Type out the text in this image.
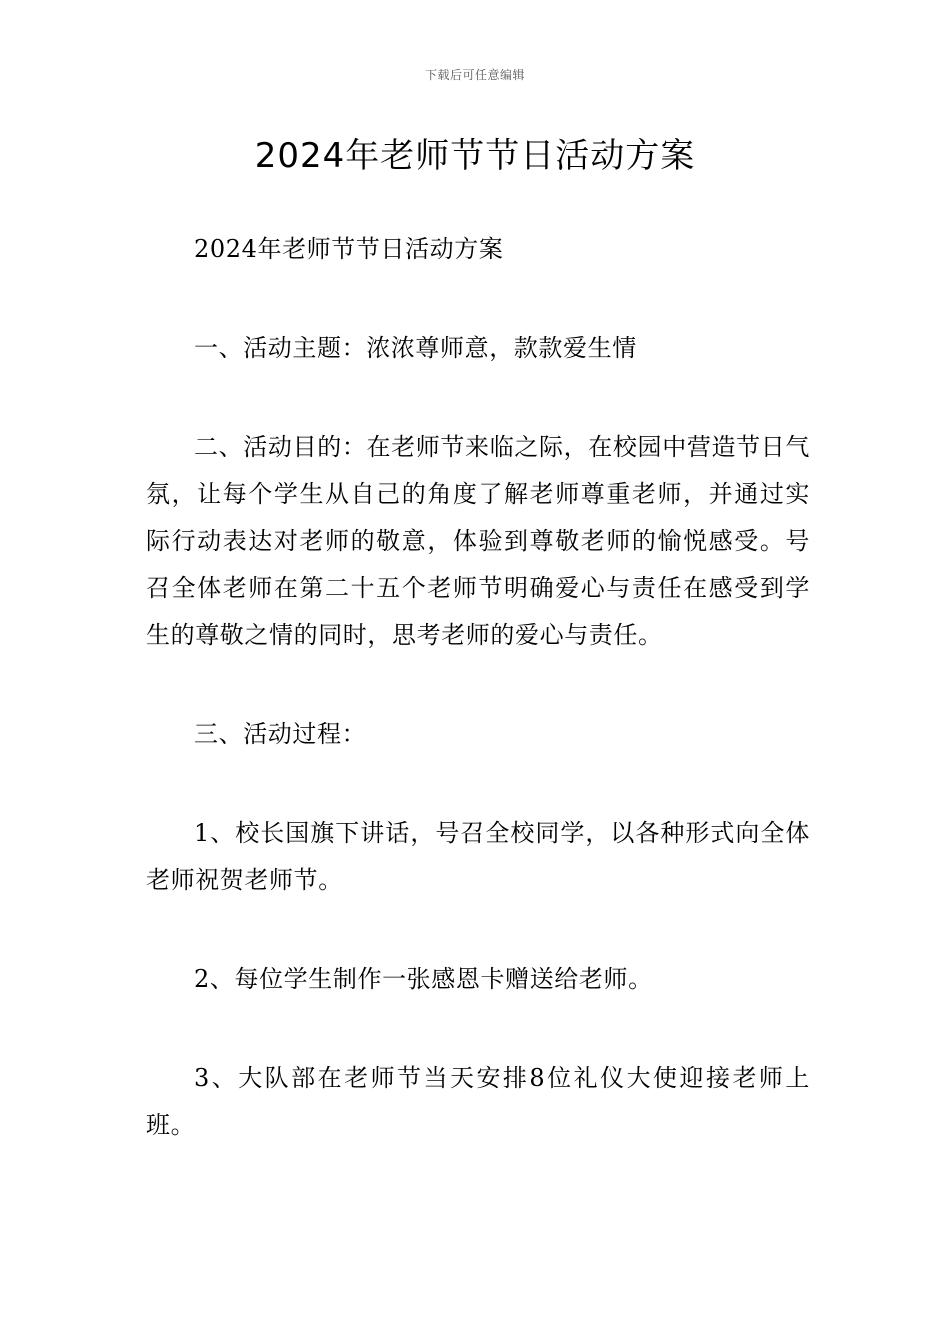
下载后可任意编辑
2024年老师节节日活动方案

2024年老师节节日活动方案

一、活动主题：浓浓尊师意，款款爱生情

二、活动目的：在老师节来临之际，在校园中营造节日气氛，让每个学生从自己的角度了解老师尊重老师，并通过实际行动表达对老师的敬意，体验到尊敬老师的愉悦感受。号召全体老师在第二十五个老师节明确爱心与责任在感受到学生的尊敬之情的同时，思考老师的爱心与责任。

三、活动过程：

1、校长国旗下讲话，号召全校同学，以各种形式向全体老师祝贺老师节。

2、每位学生制作一张感恩卡赠送给老师。

3、大队部在老师节当天安排8位礼仪大使迎接老师上班。
